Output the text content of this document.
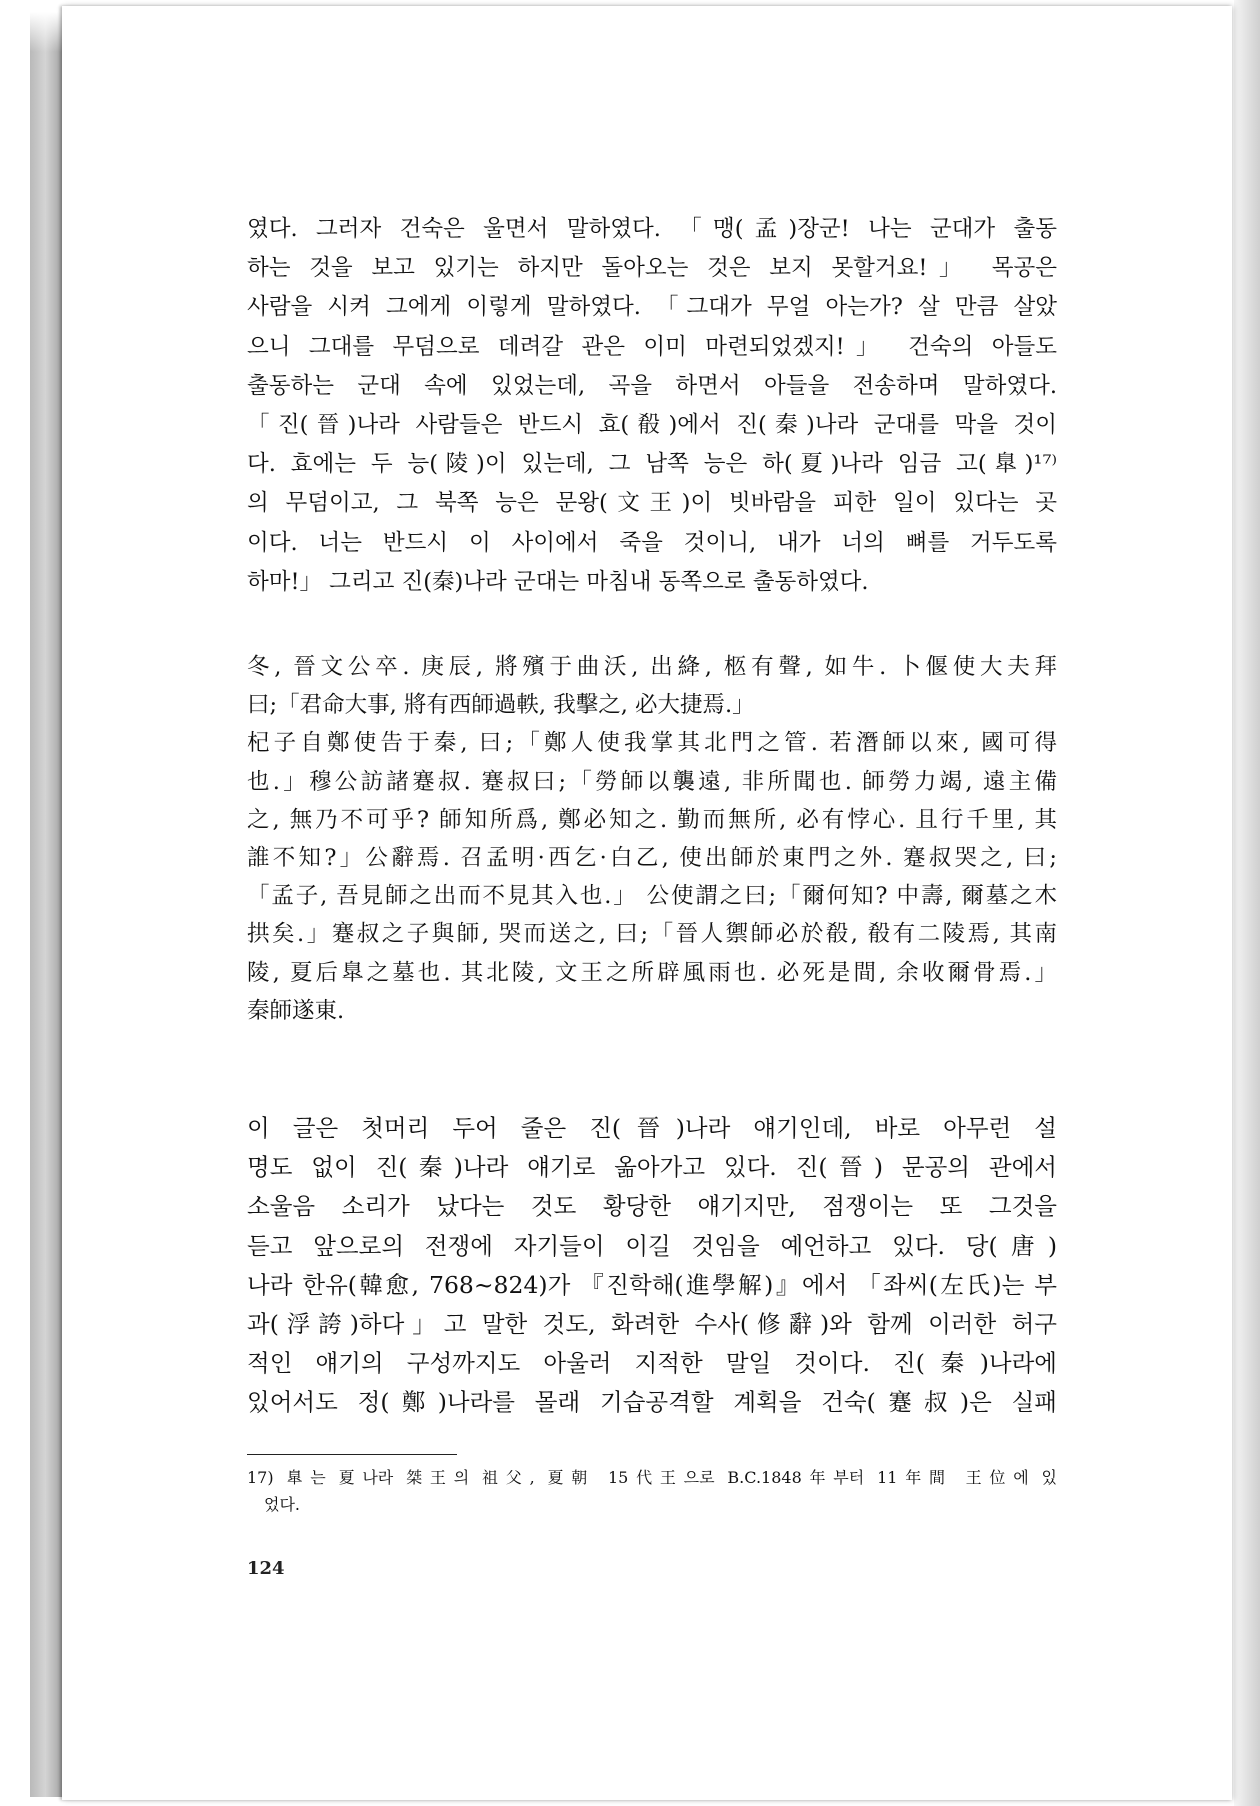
였다. 그러자 건숙은 울면서 말하였다. 「맹(孟)장군! 나는 군대가 출동
하는 것을 보고 있기는 하지만 돌아오는 것은 보지 못할거요!」 목공은
사람을 시켜 그에게 이렇게 말하였다. 「그대가 무얼 아는가? 살 만큼 살았
으니 그대를 무덤으로 데려갈 관은 이미 마련되었겠지!」 건숙의 아들도
출동하는 군대 속에 있었는데, 곡을 하면서 아들을 전송하며 말하였다.
「진(晉)나라 사람들은 반드시 효(殽)에서 진(秦)나라 군대를 막을 것이
다. 효에는 두 능(陵)이 있는데, 그 남쪽 능은 하(夏)나라 임금 고(臯)¹⁷⁾
의 무덤이고, 그 북쪽 능은 문왕(文王)이 빗바람을 피한 일이 있다는 곳
이다. 너는 반드시 이 사이에서 죽을 것이니, 내가 너의 뼈를 거두도록
하마!」 그리고 진(秦)나라 군대는 마침내 동쪽으로 출동하였다.
冬, 晉文公卒. 庚辰, 將殯于曲沃, 出絳, 柩有聲, 如牛. 卜偃使大夫拜
曰;「君命大事, 將有西師過軼, 我擊之, 必大捷焉.」
杞子自鄭使告于秦, 曰;「鄭人使我掌其北門之管. 若潛師以來, 國可得
也.」穆公訪諸蹇叔. 蹇叔曰;「勞師以襲遠, 非所聞也. 師勞力竭, 遠主備
之, 無乃不可乎? 師知所爲, 鄭必知之. 勤而無所, 必有悖心. 且行千里, 其
誰不知?」公辭焉. 召孟明·西乞·白乙, 使出師於東門之外. 蹇叔哭之, 曰;
「孟子, 吾見師之出而不見其入也.」 公使謂之曰;「爾何知? 中壽, 爾墓之木
拱矣.」蹇叔之子與師, 哭而送之, 曰;「晉人禦師必於殽, 殽有二陵焉, 其南
陵, 夏后臯之墓也. 其北陵, 文王之所辟風雨也. 必死是間, 余收爾骨焉.」
秦師遂東.
이 글은 첫머리 두어 줄은 진(晉)나라 얘기인데, 바로 아무런 설
명도 없이 진(秦)나라 얘기로 옮아가고 있다. 진(晉) 문공의 관에서
소울음 소리가 났다는 것도 황당한 얘기지만, 점쟁이는 또 그것을
듣고 앞으로의 전쟁에 자기들이 이길 것임을 예언하고 있다. 당(唐)
나라 한유(韓愈, 768~824)가 『진학해(進學解)』에서 「좌씨(左氏)는 부
과(浮誇)하다」고 말한 것도, 화려한 수사(修辭)와 함께 이러한 허구
적인 얘기의 구성까지도 아울러 지적한 말일 것이다. 진(秦)나라에
있어서도 정(鄭)나라를 몰래 기습공격할 계획을 건숙(蹇叔)은 실패
17) 臯는 夏나라 桀王의 祖父, 夏朝 15代王으로 B.C.1848年부터 11年間 王位에 있
었다.
124
